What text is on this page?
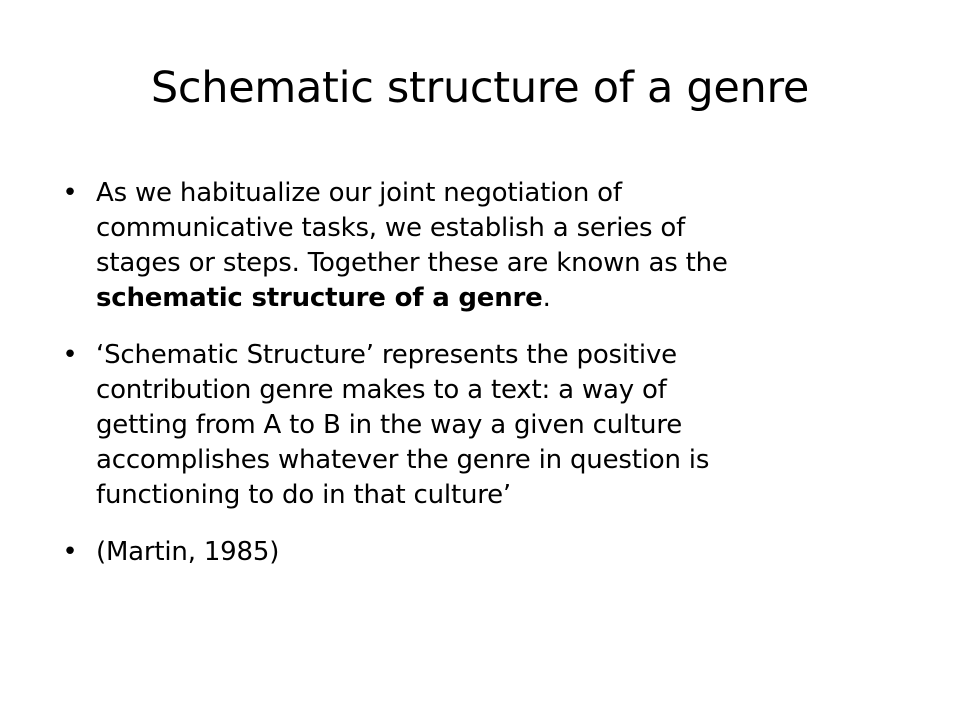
Schematic structure of a genre
• As we habitualize our joint negotiation of
communicative tasks, we establish a series of
stages or steps. Together these are known as the
schematic structure of a genre.
• ‘Schematic Structure’ represents the positive
contribution genre makes to a text: a way of
getting from A to B in the way a given culture
accomplishes whatever the genre in question is
functioning to do in that culture’
• (Martin, 1985)
